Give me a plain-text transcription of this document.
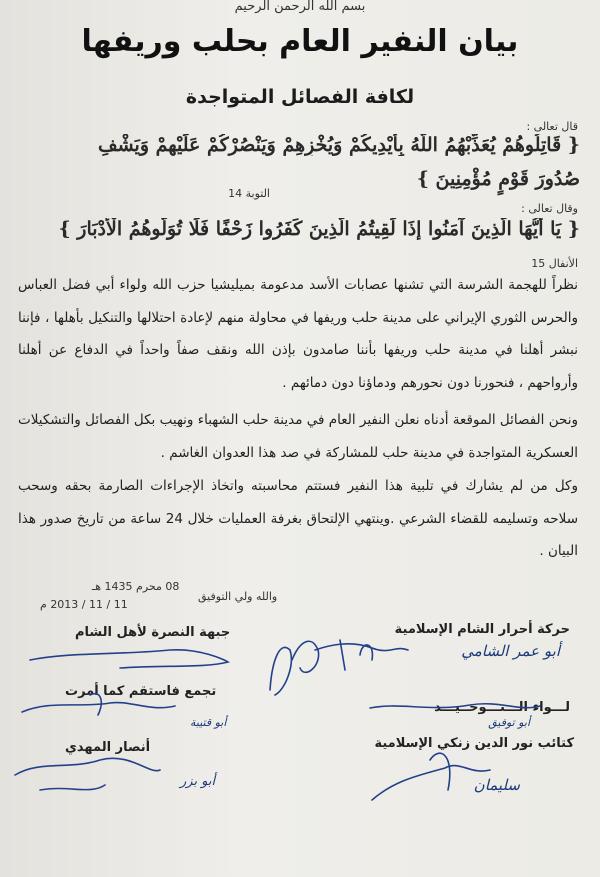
بسم الله الرحمن الرحيم
بيان النفير العام بحلب وريفها
لكافة الفصائل المتواجدة
قال تعالى :
{ قَاتِلُوهُمْ يُعَذِّبْهُمُ اللَّهُ بِأَيْدِيكُمْ وَيُخْزِهِمْ وَيَنْصُرْكُمْ عَلَيْهِمْ وَيَشْفِ
صُدُورَ قَوْمٍ مُؤْمِنِينَ }
التوبة 14
وقال تعالى :
{ يَا أَيُّهَا الَّذِينَ آمَنُوا إِذَا لَقِيتُمُ الَّذِينَ كَفَرُوا زَحْفًا فَلَا تُوَلُّوهُمُ الْأَدْبَارَ }
الأنفال 15
نظراً للهجمة الشرسة التي تشنها عصابات الأسد مدعومة بميليشيا حزب الله ولواء أبي فضل العباس والحرس الثوري الإيراني على مدينة حلب وريفها في محاولة منهم لإعادة احتلالها والتنكيل بأهلها ، فإننا نبشر أهلنا في مدينة حلب وريفها بأننا صامدون بإذن الله ونقف صفاً واحداً في الدفاع عن أهلنا وأرواحهم ، فنحورنا دون نحورهم ودماؤنا دون دمائهم .
ونحن الفصائل الموقعة أدناه نعلن النفير العام في مدينة حلب الشهباء ونهيب بكل الفصائل والتشكيلات العسكرية المتواجدة في مدينة حلب للمشاركة في صد هذا العدوان الغاشم .
وكل من لم يشارك في تلبية هذا النفير فستتم محاسبته واتخاذ الإجراءات الصارمة بحقه وسحب سلاحه وتسليمه للقضاء الشرعي .وينتهي الإلتحاق بغرفة العمليات خلال 24 ساعة من تاريخ صدور هذا البيان .
08 محرم 1435 هـ
11 / 11 / 2013 م
والله ولي التوفيق
حركة أحرار الشام الإسلامية
لـــواء الـــتـــوحــيـــد
كتائب نور الدين زنكي الإسلامية
جبهة النصرة لأهل الشام
تجمع فاستقم كما أمرت
أنصار المهدي
أبو عمر الشامي
أبو توفيق
سليمان
أبو قتيبة
أبو بزر
